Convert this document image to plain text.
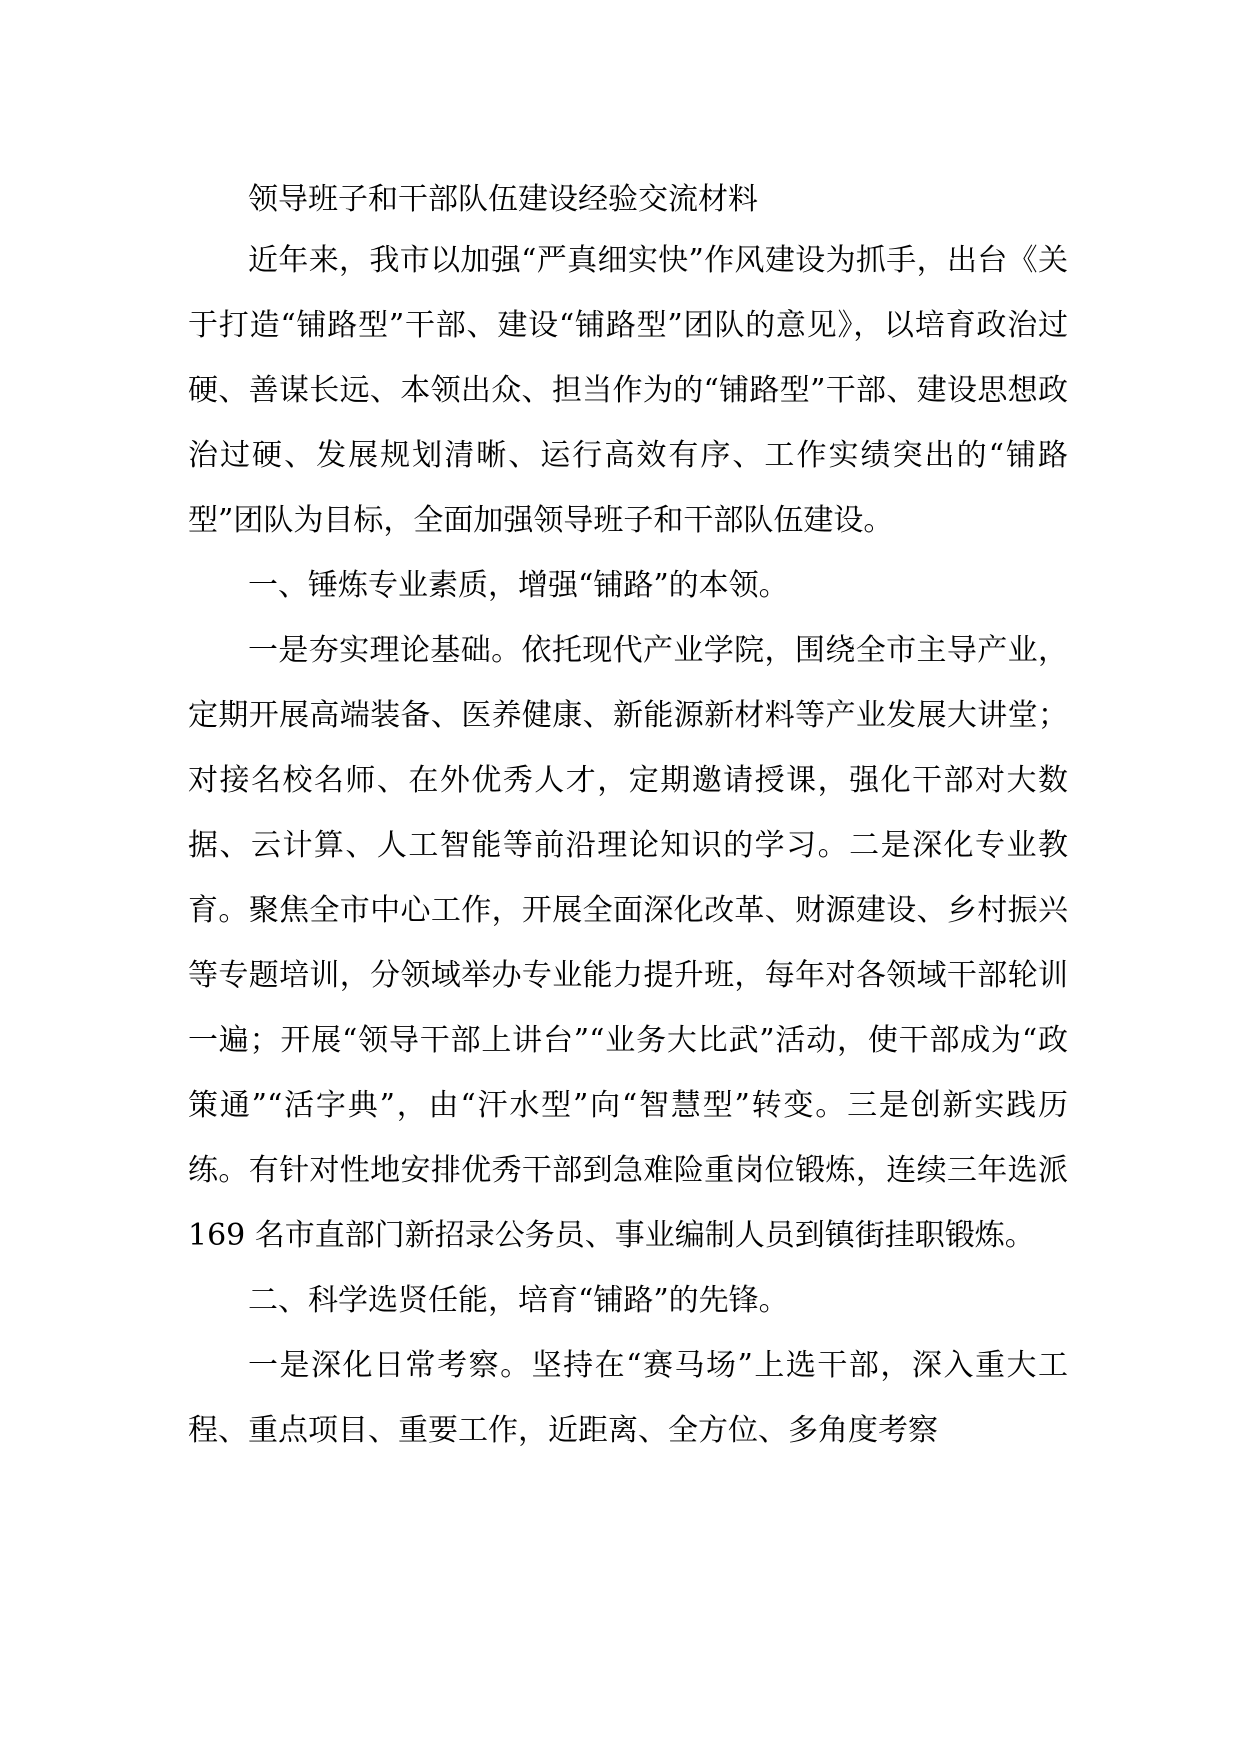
领导班子和干部队伍建设经验交流材料

近年来，我市以加强“严真细实快”作风建设为抓手，出台《关于打造“铺路型”干部、建设“铺路型”团队的意见》，以培育政治过硬、善谋长远、本领出众、担当作为的“铺路型”干部、建设思想政治过硬、发展规划清晰、运行高效有序、工作实绩突出的“铺路型”团队为目标，全面加强领导班子和干部队伍建设。

一、锤炼专业素质，增强“铺路”的本领。

一是夯实理论基础。依托现代产业学院，围绕全市主导产业，定期开展高端装备、医养健康、新能源新材料等产业发展大讲堂；对接名校名师、在外优秀人才，定期邀请授课，强化干部对大数据、云计算、人工智能等前沿理论知识的学习。二是深化专业教育。聚焦全市中心工作，开展全面深化改革、财源建设、乡村振兴等专题培训，分领域举办专业能力提升班，每年对各领域干部轮训一遍；开展“领导干部上讲台”“业务大比武”活动，使干部成为“政策通”“活字典”，由“汗水型”向“智慧型”转变。三是创新实践历练。有针对性地安排优秀干部到急难险重岗位锻炼，连续三年选派 169 名市直部门新招录公务员、事业编制人员到镇街挂职锻炼。

二、科学选贤任能，培育“铺路”的先锋。

一是深化日常考察。坚持在“赛马场”上选干部，深入重大工程、重点项目、重要工作，近距离、全方位、多角度考察
